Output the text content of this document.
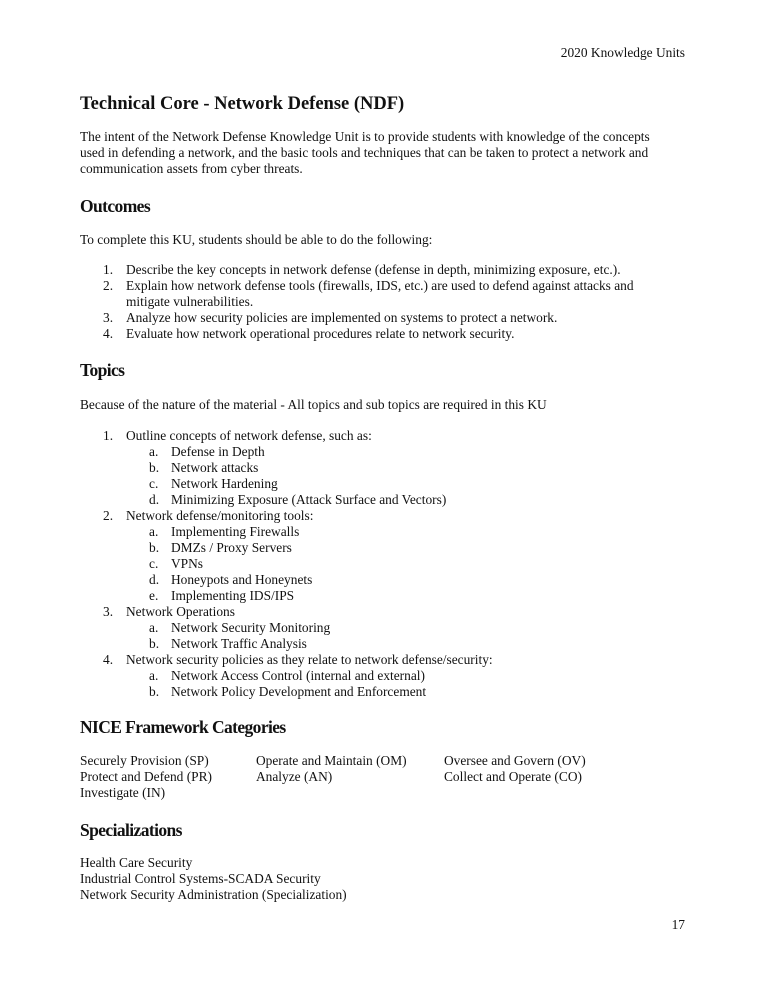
2020 Knowledge Units
Technical Core - Network Defense (NDF)
The intent of the Network Defense Knowledge Unit is to provide students with knowledge of the concepts
used in defending a network, and the basic tools and techniques that can be taken to protect a network and
communication assets from cyber threats.
Outcomes
To complete this KU, students should be able to do the following:
1. Describe the key concepts in network defense (defense in depth, minimizing exposure, etc.).
2. Explain how network defense tools (firewalls, IDS, etc.) are used to defend against attacks and
mitigate vulnerabilities.
3. Analyze how security policies are implemented on systems to protect a network.
4. Evaluate how network operational procedures relate to network security.
Topics
Because of the nature of the material - All topics and sub topics are required in this KU
1. Outline concepts of network defense, such as:
a. Defense in Depth
b. Network attacks
c. Network Hardening
d. Minimizing Exposure (Attack Surface and Vectors)
2. Network defense/monitoring tools:
a. Implementing Firewalls
b. DMZs / Proxy Servers
c. VPNs
d. Honeypots and Honeynets
e. Implementing IDS/IPS
3. Network Operations
a. Network Security Monitoring
b. Network Traffic Analysis
4. Network security policies as they relate to network defense/security:
a. Network Access Control (internal and external)
b. Network Policy Development and Enforcement
NICE Framework Categories
Securely Provision (SP)
Protect and Defend (PR)
Investigate (IN)
Operate and Maintain (OM)
Analyze (AN)
Oversee and Govern (OV)
Collect and Operate (CO)
Specializations
Health Care Security
Industrial Control Systems-SCADA Security
Network Security Administration (Specialization)
17
